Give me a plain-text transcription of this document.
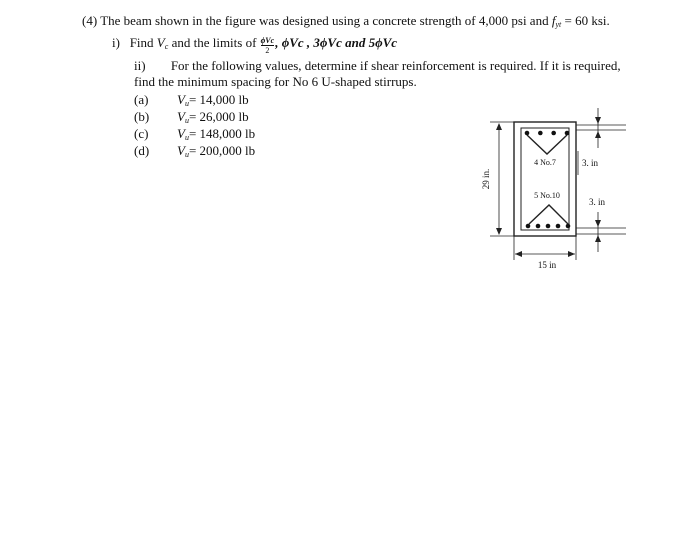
(4) The beam shown in the figure was designed using a concrete strength of 4,000 psi and $f_{yt} = 60$ ksi.
i) Find $V_c$ and the limits of $\frac{\text{ϕVc}}{2}$ , ϕVc , 3ϕVc and 5ϕVc
ii) For the following values, determine if shear reinforcement is required. If it is required,
find the minimum spacing for No 6 U-shaped stirrups.
(a) $V_u= 14,000$ lb
(b) $V_u= 26,000$ lb
(c) $V_u= 148,000$ lb
(d) $V_u= 200,000$ lb
4 No.7
5 No.10
29 in.
15 in
3. in
3. in
